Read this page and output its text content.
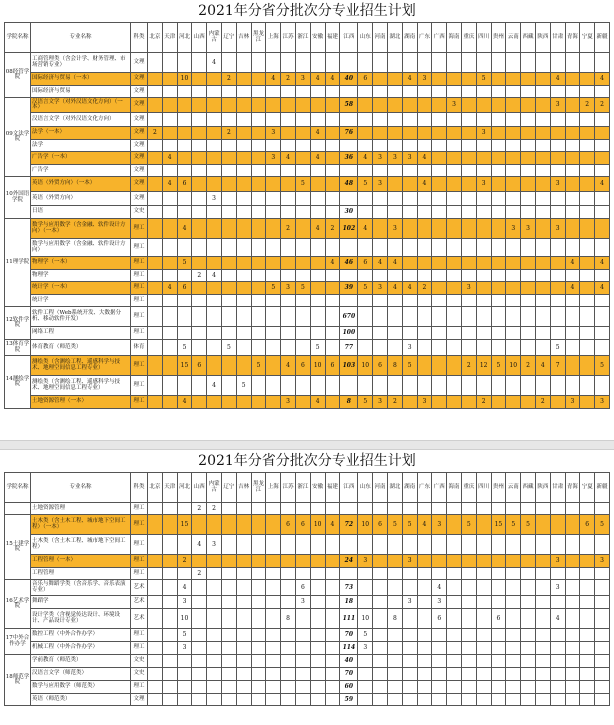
2021年分省分批次分专业招生计划
学院名称	专业名称	科类	北京	天津	河北	山西	内蒙古	辽宁	吉林	黑龙江	上海	江苏	浙江	安徽	福建	江西	山东	河南	湖北	湖南	广东	广西	海南	重庆	四川	贵州	云南	西藏	陕西	甘肃	青海	宁夏	新疆
08经管学院	工商管理类（含会计学、财务管理、市场营销专业）	文理					4																										
	国际经济与贸易（一本）	文理			10			2			4	2	3	4	4	40	6			4	3				5					4			4
	国际经济与贸易	文理																															
09文法学院	汉语言文学（对外汉语文化方向）（一本）	文理														58							3							3		2	2
	汉语言文学（对外汉语文化方向）	文理																															
	法学（一本）	文理	2					2			3			4		76									3								
	法学	文理																															
	广告学（一本）	文理		4							3	4		4		36	4	3	3	3	4												
	广告学	文理																															
10外国语学院	英语（外贸方向）（一本）	文理		4	6								5			48	5	3			4				3					3			4
	英语（外贸方向）	文理					3																										
	日语	文史														30																	
11理学院	数学与应用数学（含金融、软件设计方向）（一本）	理工			4							2		4	2	102	4		3								3	3		3			
	数学与应用数学（含金融、软件设计方向）	理工																															
	物理学（一本）	理工			5										4	46	6	4	4												4		4
	物理学	理工				2	4																										
	统计学（一本）	理工		4	6						5	3	5			39	5	3	4	4	2			3							4		4
	统计学	理工																															
12软件学院	软件工程（Web系统开发、大数据分析、移动软件开发）	理工														670																	
	网络工程	理工														100																	
13体育学院	体育教育（师范类）	体育			5			5						5		77				3										5			
14测绘学院	测绘类（含测绘工程、遥感科学与技术、地理空间信息工程专业）	理工			15	6				5		4	6	10	6	103	10	6	8	5				2	12	5	10	2	4	7			5
	测绘类（含测绘工程、遥感科学与技术、地理空间信息工程专业）	理工					4		5																								
	土地资源管理（一本）	理工			4							3		4		8	5	3	2		3				2				2		3		3
2021年分省分批次分专业招生计划
学院名称	专业名称	科类	北京	天津	河北	山西	内蒙古	辽宁	吉林	黑龙江	上海	江苏	浙江	安徽	福建	江西	山东	河南	湖北	湖南	广东	广西	海南	重庆	四川	贵州	云南	西藏	陕西	甘肃	青海	宁夏	新疆
	土地资源管理	理工				2	2																										
15土建学院	土木类（含土木工程、城市地下空间工程）（一本）	理工			15							6	6	10	4	72	10	6	5	5	4	3		5		15	5	5				6	5
	土木类（含土木工程、城市地下空间工程）	理工				4	3																										
	工程管理（一本）	理工			2											24	3			3										3			3
	工程管理	理工				2																											
16艺术学院	音乐与舞蹈学类（含音乐学、音乐表演专业）	艺术			4								6			73						4								3			
	舞蹈学	艺术			3								3			18				3		3											
	设计学类（含视觉传达设计、环境设计、产品设计专业）	艺术			10							8				111	10		8			6				6				4			
17中外合作办学	数控工程（中外合作办学）	理工			5											70	5																
	机械工程（中外合作办学）	理工			3											114	3																
18师范学院	学前教育（师范类）	文史														40																	
	汉语言文学（师范类）	文史														70																	
	数学与应用数学（师范类）	理工														60																	
	英语（师范类）	文理														59																	
